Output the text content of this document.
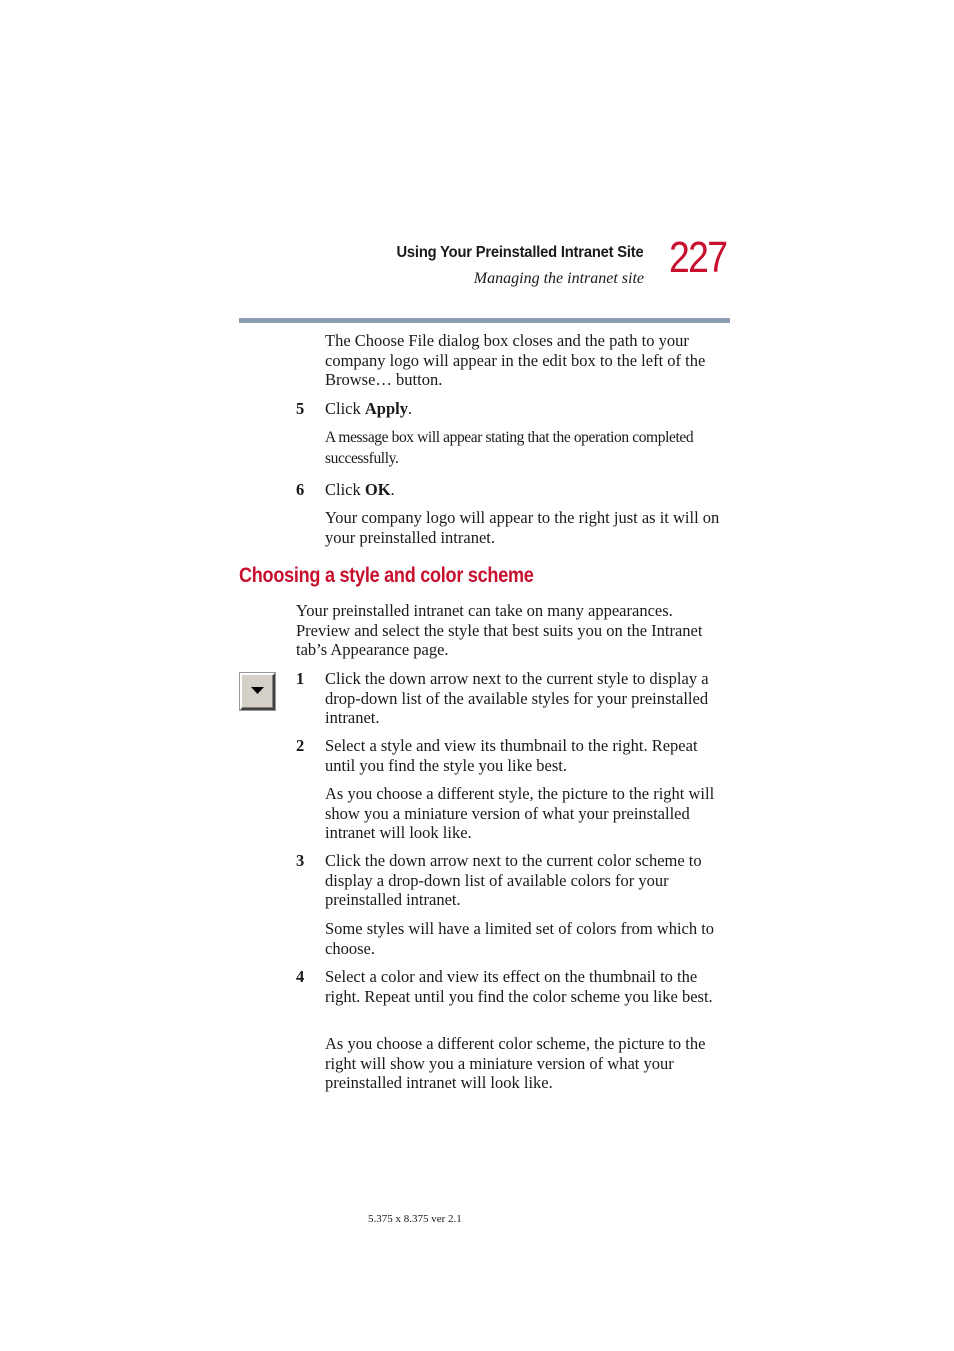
Using Your Preinstalled Intranet Site
Managing the intranet site 227

The Choose File dialog box closes and the path to your company logo will appear in the edit box to the left of the Browse… button.

5 Click Apply.

A message box will appear stating that the operation completed successfully.

6 Click OK.

Your company logo will appear to the right just as it will on your preinstalled intranet.

Choosing a style and color scheme

Your preinstalled intranet can take on many appearances. Preview and select the style that best suits you on the Intranet tab’s Appearance page.

1 Click the down arrow next to the current style to display a drop-down list of the available styles for your preinstalled intranet.

2 Select a style and view its thumbnail to the right. Repeat until you find the style you like best.

As you choose a different style, the picture to the right will show you a miniature version of what your preinstalled intranet will look like.

3 Click the down arrow next to the current color scheme to display a drop-down list of available colors for your preinstalled intranet.

Some styles will have a limited set of colors from which to choose.

4 Select a color and view its effect on the thumbnail to the right. Repeat until you find the color scheme you like best.

As you choose a different color scheme, the picture to the right will show you a miniature version of what your preinstalled intranet will look like.

5.375 x 8.375 ver 2.1
